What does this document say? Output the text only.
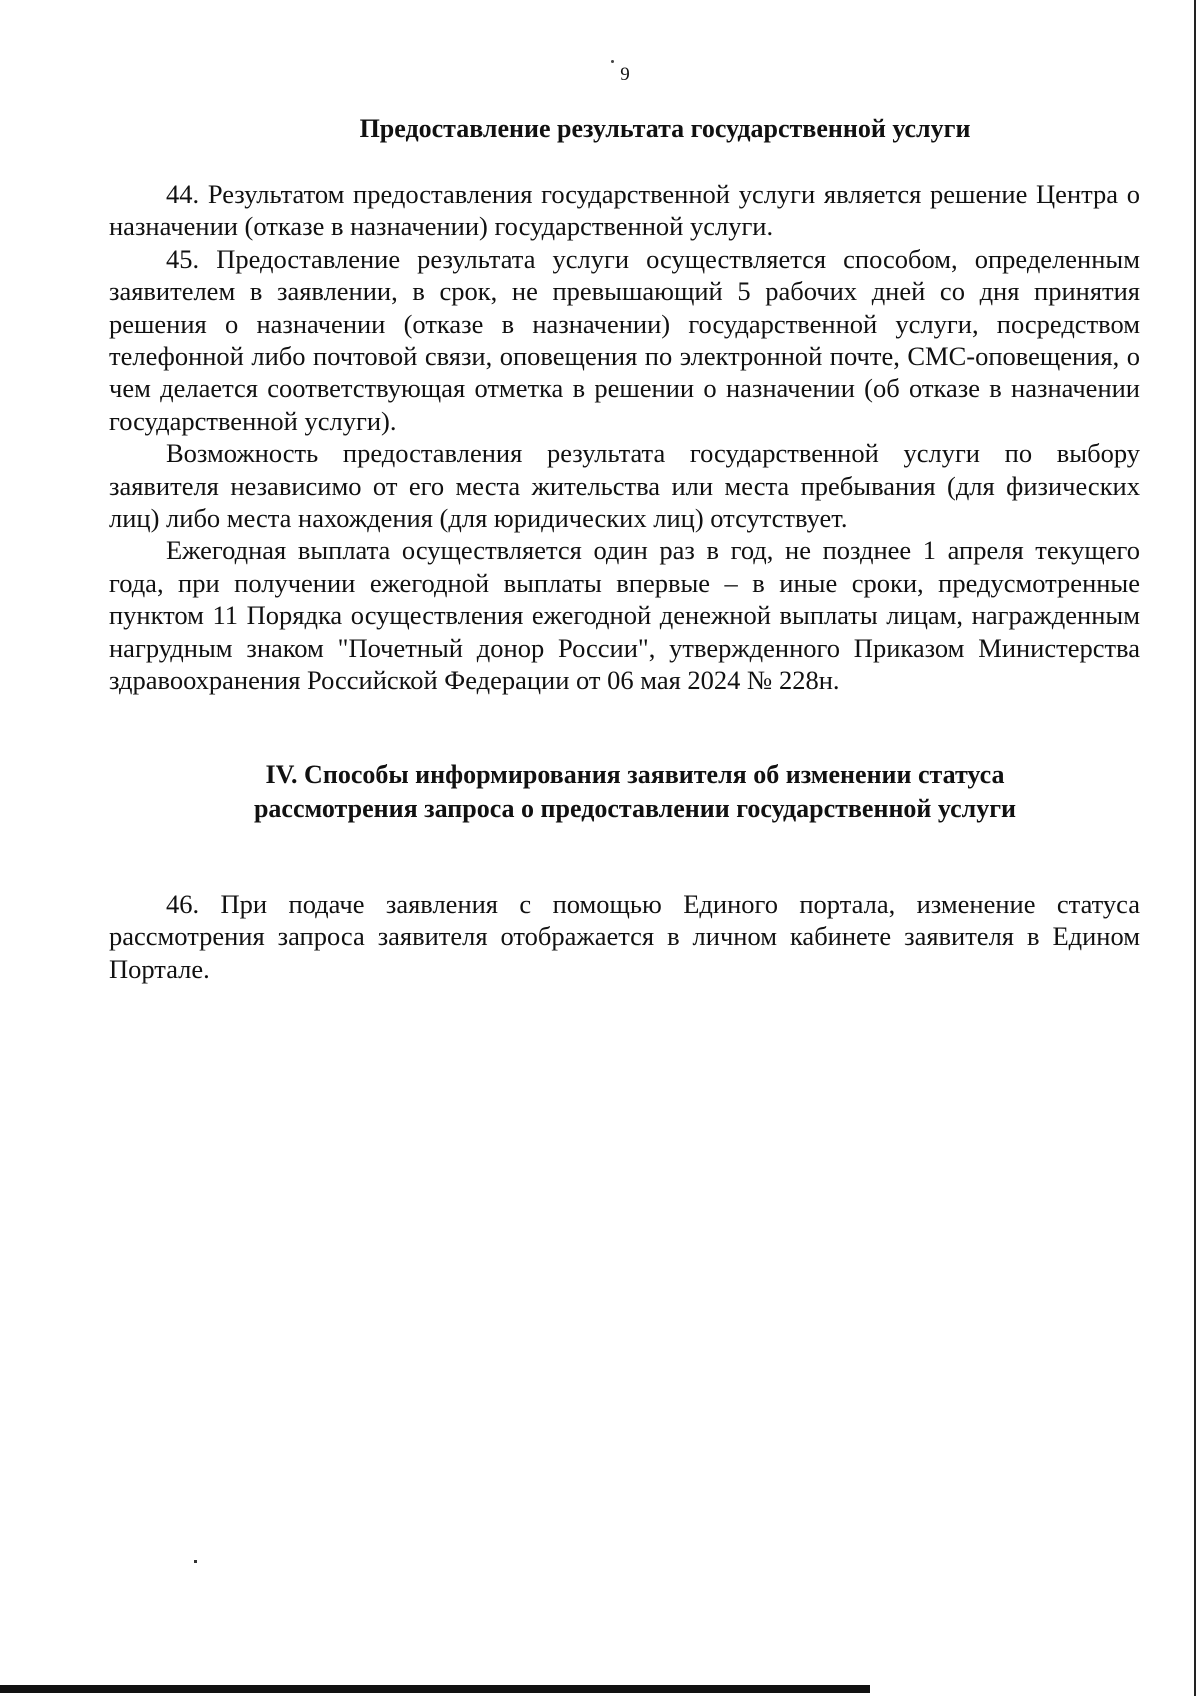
9
Предоставление результата государственной услуги

44. Результатом предоставления государственной услуги является решение Центра о назначении (отказе в назначении) государственной услуги.

45. Предоставление результата услуги осуществляется способом, определенным заявителем в заявлении, в срок, не превышающий 5 рабочих дней со дня принятия решения о назначении (отказе в назначении) государственной услуги, посредством телефонной либо почтовой связи, оповещения по электронной почте, СМС-оповещения, о чем делается соответствующая отметка в решении о назначении (об отказе в назначении государственной услуги).

Возможность предоставления результата государственной услуги по выбору заявителя независимо от его места жительства или места пребывания (для физических лиц) либо места нахождения (для юридических лиц) отсутствует.

Ежегодная выплата осуществляется один раз в год, не позднее 1 апреля текущего года, при получении ежегодной выплаты впервые – в иные сроки, предусмотренные пунктом 11 Порядка осуществления ежегодной денежной выплаты лицам, награжденным нагрудным знаком "Почетный донор России", утвержденного Приказом Министерства здравоохранения Российской Федерации от 06 мая 2024 № 228н.

IV. Способы информирования заявителя об изменении статуса рассмотрения запроса о предоставлении государственной услуги

46. При подаче заявления с помощью Единого портала, изменение статуса рассмотрения запроса заявителя отображается в личном кабинете заявителя в Едином Портале.
